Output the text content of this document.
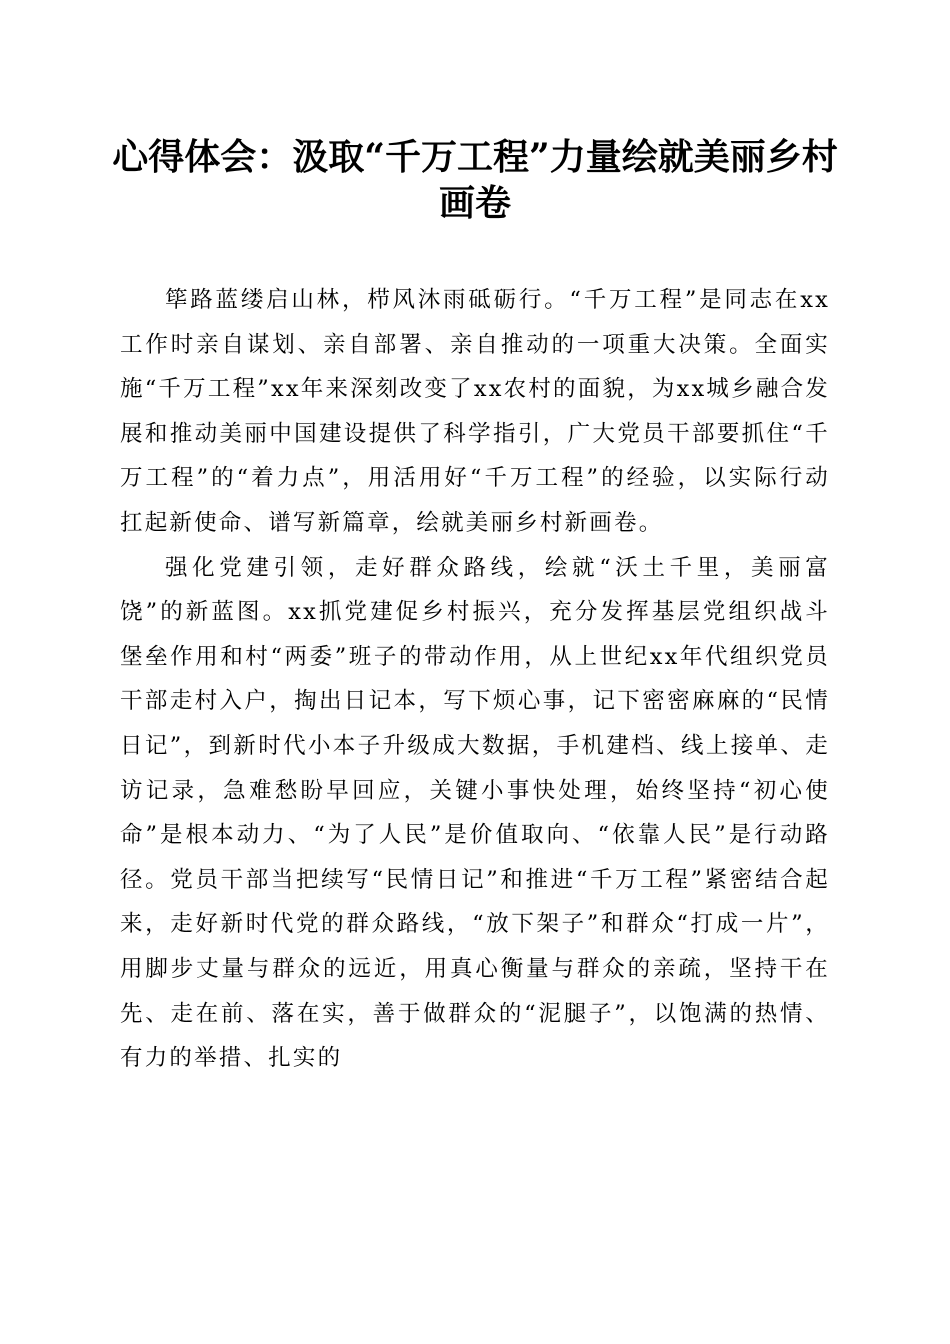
心得体会：汲取“千万工程”力量绘就美丽乡村画卷

筚路蓝缕启山林，栉风沐雨砥砺行。“千万工程”是同志在xx工作时亲自谋划、亲自部署、亲自推动的一项重大决策。全面实施“千万工程”xx年来深刻改变了xx农村的面貌，为xx城乡融合发展和推动美丽中国建设提供了科学指引，广大党员干部要抓住“千万工程”的“着力点”，用活用好“千万工程”的经验，以实际行动扛起新使命、谱写新篇章，绘就美丽乡村新画卷。

强化党建引领，走好群众路线，绘就“沃土千里，美丽富饶”的新蓝图。xx抓党建促乡村振兴，充分发挥基层党组织战斗堡垒作用和村“两委”班子的带动作用，从上世纪xx年代组织党员干部走村入户，掏出日记本，写下烦心事，记下密密麻麻的“民情日记”，到新时代小本子升级成大数据，手机建档、线上接单、走访记录，急难愁盼早回应，关键小事快处理，始终坚持“初心使命”是根本动力、“为了人民”是价值取向、“依靠人民”是行动路径。党员干部当把续写“民情日记”和推进“千万工程”紧密结合起来，走好新时代党的群众路线，“放下架子”和群众“打成一片”，用脚步丈量与群众的远近，用真心衡量与群众的亲疏，坚持干在先、走在前、落在实，善于做群众的“泥腿子”，以饱满的热情、有力的举措、扎实的
